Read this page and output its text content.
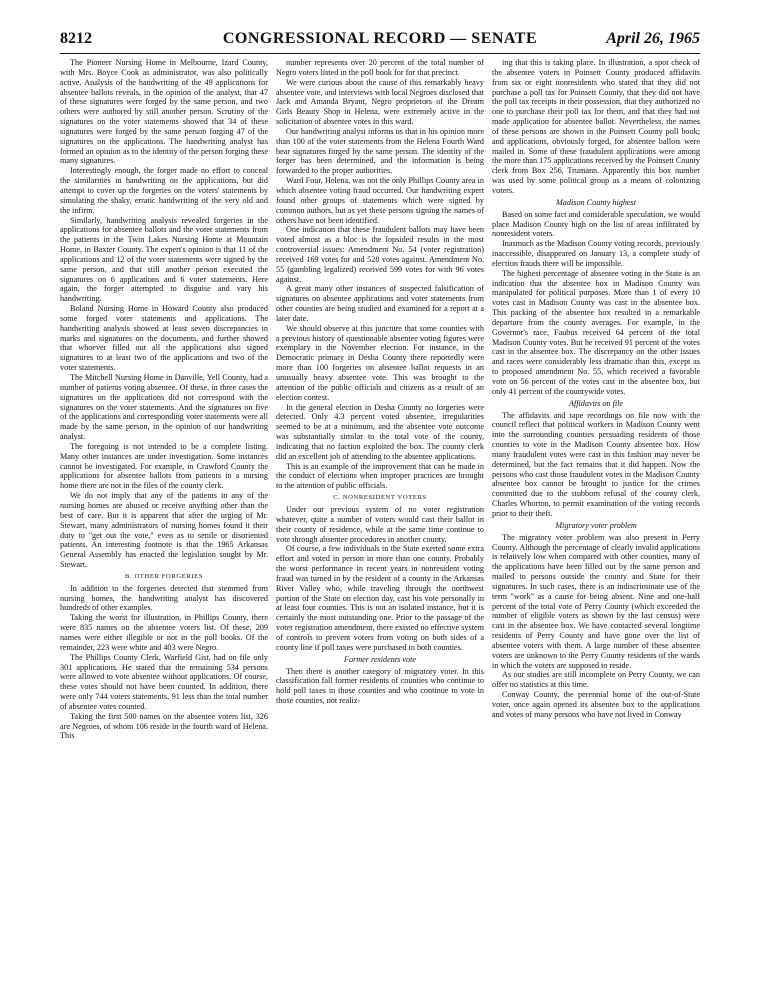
8212	CONGRESSIONAL RECORD — SENATE	April 26, 1965

The Pioneer Nursing Home in Melbourne, Izard County, with Mrs. Boyce Cook as administrator, was also politically active. Analysis of the handwriting of the 49 applications for absentee ballots reveals, in the opinion of the analyst, that 47 of these signatures were forged by the same person, and two others were authored by still another person. Scrutiny of the signatures on the voter statements showed that 34 of these signatures were forged by the same person forging 47 of the signatures on the applications. The handwriting analyst has formed an opinion as to the identity of the person forging these many signatures.

Interestingly enough, the forger made no effort to conceal the similarities in handwriting on the applications, but did attempt to cover up the forgeries on the voters' statements by simulating the shaky, erratic handwriting of the very old and the infirm.

Similarly, handwriting analysis revealed forgeries in the applications for absentee ballots and the voter statements from the patients in the Twin Lakes Nursing Home at Mountain Home, in Baxter County. The expert's opinion is that 11 of the applications and 12 of the voter statements were signed by the same person, and that still another person executed the signatures on 6 applications and 6 voter statements. Here again, the forger attempted to disguise and vary his handwriting.

Boland Nursing Home in Howard County also produced some forged voter statements and applications. The handwriting analysis showed at least seven discrepancies in marks and signatures on the documents, and further showed that whoever filled out all the applications also signed signatures to at least two of the applications and two of the voter statements.

The Mitchell Nursing Home in Danville, Yell County, had a number of patients voting absentee. Of these, in three cases the signatures on the applications did not correspond with the signatures on the voter statements. And the signatures on five of the applications and corresponding voter statements were all made by the same person, in the opinion of our handwriting analyst.

The foregoing is not intended to be a complete listing. Many other instances are under investigation. Some instances cannot be investigated. For example, in Crawford County the applications for absentee ballots from patients in a nursing home there are not in the files of the county clerk.

We do not imply that any of the patients in any of the nursing homes are abused or receive anything other than the best of care. But it is apparent that after the urging of Mr. Stewart, many administrators of nursing homes found it their duty to "get out the vote," even as to senile or disoriented patients. An interesting footnote is that the 1965 Arkansas General Assembly has enacted the legislation sought by Mr. Stewart.

B. OTHER FORGERIES

In addition to the forgeries detected that stemmed from nursing homes, the handwriting analyst has discovered hundreds of other examples.

Taking the worst for illustration, in Phillips County, there were 835 names on the absentee voters list. Of these, 209 names were either illegible or not in the poll books. Of the remainder, 223 were white and 403 were Negro.

The Phillips County Clerk, Warfield Gist, had on file only 301 applications. He stated that the remaining 534 persons were allowed to vote absentee without applications. Of course, these votes should not have been counted. In addition, there were only 744 voters statements, 91 less than the total number of absentee votes counted.

Taking the first 500 names on the absentee voters list, 326 are Negroes, of whom 106 reside in the fourth ward of Helena. This

number represents over 20 percent of the total number of Negro voters listed in the poll book for for that precinct.

We were curious about the cause of this remarkably heavy absentee vote, and interviews with local Negroes disclosed that Jack and Amanda Bryant, Negro proprietors of the Dream Girls Beauty Shop in Helena, were extremely active in the solicitation of absentee votes in this ward.

Our handwriting analyst informs us that in his opinion more than 100 of the voter statements from the Helena Fourth Ward bear signatures forged by the same person. The identity of the forger has been determined, and the information is being forwarded to the proper authorities.

Ward Four, Helena, was not the only Phillips County area in which absentee voting fraud occurred. Our handwriting expert found other groups of statements which were signed by common authors, but as yet these persons signing the names of others have not been identified.

One indication that these fraudulent ballots may have been voted almost as a bloc is the lopsided results in the most controversial issues: Amendment No. 54 (voter registration) received 169 votes for and 528 votes against. Amendment No. 55 (gambling legalized) received 599 votes for with 96 votes against.

A great many other instances of suspected falsification of signatures on absentee applications and voter statements from other counties are being studied and examined for a report at a later date.

We should observe at this juncture that some counties with a previous history of questionable absentee voting figures were exemplary in the November election. For instance, in the Democratic primary in Desha County there reportedly were more than 100 forgeries on absentee ballot requests in an unusually heavy absentee vote. This was brought to the attention of the public officials and citizens as a result of an election contest.

In the general election in Desha County no forgeries were detected. Only 4.3 percent voted absentee, irregularities seemed to be at a minimum, and the absentee vote outcome was substantially similar to the total vote of the county, indicating that no faction exploited the box. The county clerk did an excellent job of attending to the absentee applications.

This is an example of the improvement that can be made in the conduct of elections when improper practices are brought to the attention of public officials.

C. NONRESIDENT VOTERS

Under our previous system of no voter registration whatever, quite a number of voters would cast their ballot in their county of residence, while at the same time continue to vote through absentee procedures in another county.

Of course, a few individuals in the State exerted some extra effort and voted in person in more than one county. Probably the worst performance in recent years in nonresident voting fraud was turned in by the resident of a county in the Arkansas River Valley who, while traveling through the northwest portion of the State on election day, cast his vote personally in at least four counties. This is not an isolated instance, but it is certainly the most outstanding one. Prior to the passage of the voter registration amendment, there existed no effective system of controls to prevent voters from voting on both sides of a county line if poll taxes were purchased in both counties.

Former residents vote

Then there is another category of migratory voter. In this classification fall former residents of counties who continue to hold poll taxes in those counties and who continue to vote in those counties, not realiz-

ing that this is taking place. In illustration, a spot check of the absentee voters in Poinsett County produced affidavits from six or eight nonresidents who stated that they did not purchase a poll tax for Poinsett County, that they did not have the poll tax receipts in their possession, that they authorized no one to purchase their poll tax for them, and that they had not made application for absentee ballot. Nevertheless, the names of these persons are shown in the Poinsett County poll book; and applications, obviously forged, for absentee ballots were mailed in. Some of these fraudulent applications were among the more than 175 applications received by the Poinsett County clerk from Box 256, Trumann. Apparently this box number was used by some political group as a means of colonizing voters.

Madison County highest

Based on some fact and considerable speculation, we would place Madison County high on the list of areas infiltrated by nonresident voters.

Inasmuch as the Madison County voting records, previously inaccessible, disappeared on January 13, a complete study of election frauds there will be impossible.

The highest percentage of absentee voting in the State is an indication that the absentee box in Madison County was manipulated for political purposes. More than 1 of every 10 votes cast in Madison County was cast in the absentee box. This packing of the absentee box resulted in a remarkable departure from the county averages. For example, in the Governor's race, Faubus received 64 percent of the total Madison County votes. But he received 91 percent of the votes cast in the absentee box. The discrepancy on the other issues and races were considerably less dramatic than this, except as to proposed amendment No. 55, which received a favorable vote on 56 percent of the votes cast in the absentee box, but only 41 percent of the countywide votes.

Affidavits on file

The affidavits and tape recordings on file now with the council reflect that political workers in Madison County went into the surrounding counties persuading residents of those counties to vote in the Madison County absentee box. How many fraudulent votes were cast in this fashion may never be determined, but the fact remains that it did happen. Now the persons who cast those fraudulent votes in the Madison County absentee box cannot be brought to justice for the crimes committed due to the stubborn refusal of the county clerk, Charles Whorton, to permit examination of the voting records prior to their theft.

Migratory voter problem

The migratory voter problem was also present in Perry County. Although the percentage of clearly invalid applications is relatively low when compared with other counties, many of the applications have been filled out by the same person and mailed to persons outside the county and State for their signatures. In such cases, there is an indiscriminate use of the term "work" as a cause for being absent. Nine and one-half percent of the total vote of Perry County (which exceeded the number of eligible voters as shown by the last census) were cast in the absentee box. We have contacted several longtime residents of Perry County and have gone over the list of absentee voters with them. A large number of these absentee voters are unknown to the Perry County residents of the wards in which the voters are supposed to reside.

As our studies are still incomplete on Perry County, we can offer no statistics at this time.

Conway County, the perennial home of the out-of-State voter, once again opened its absentee box to the applications and votes of many persons who have not lived in Conway
